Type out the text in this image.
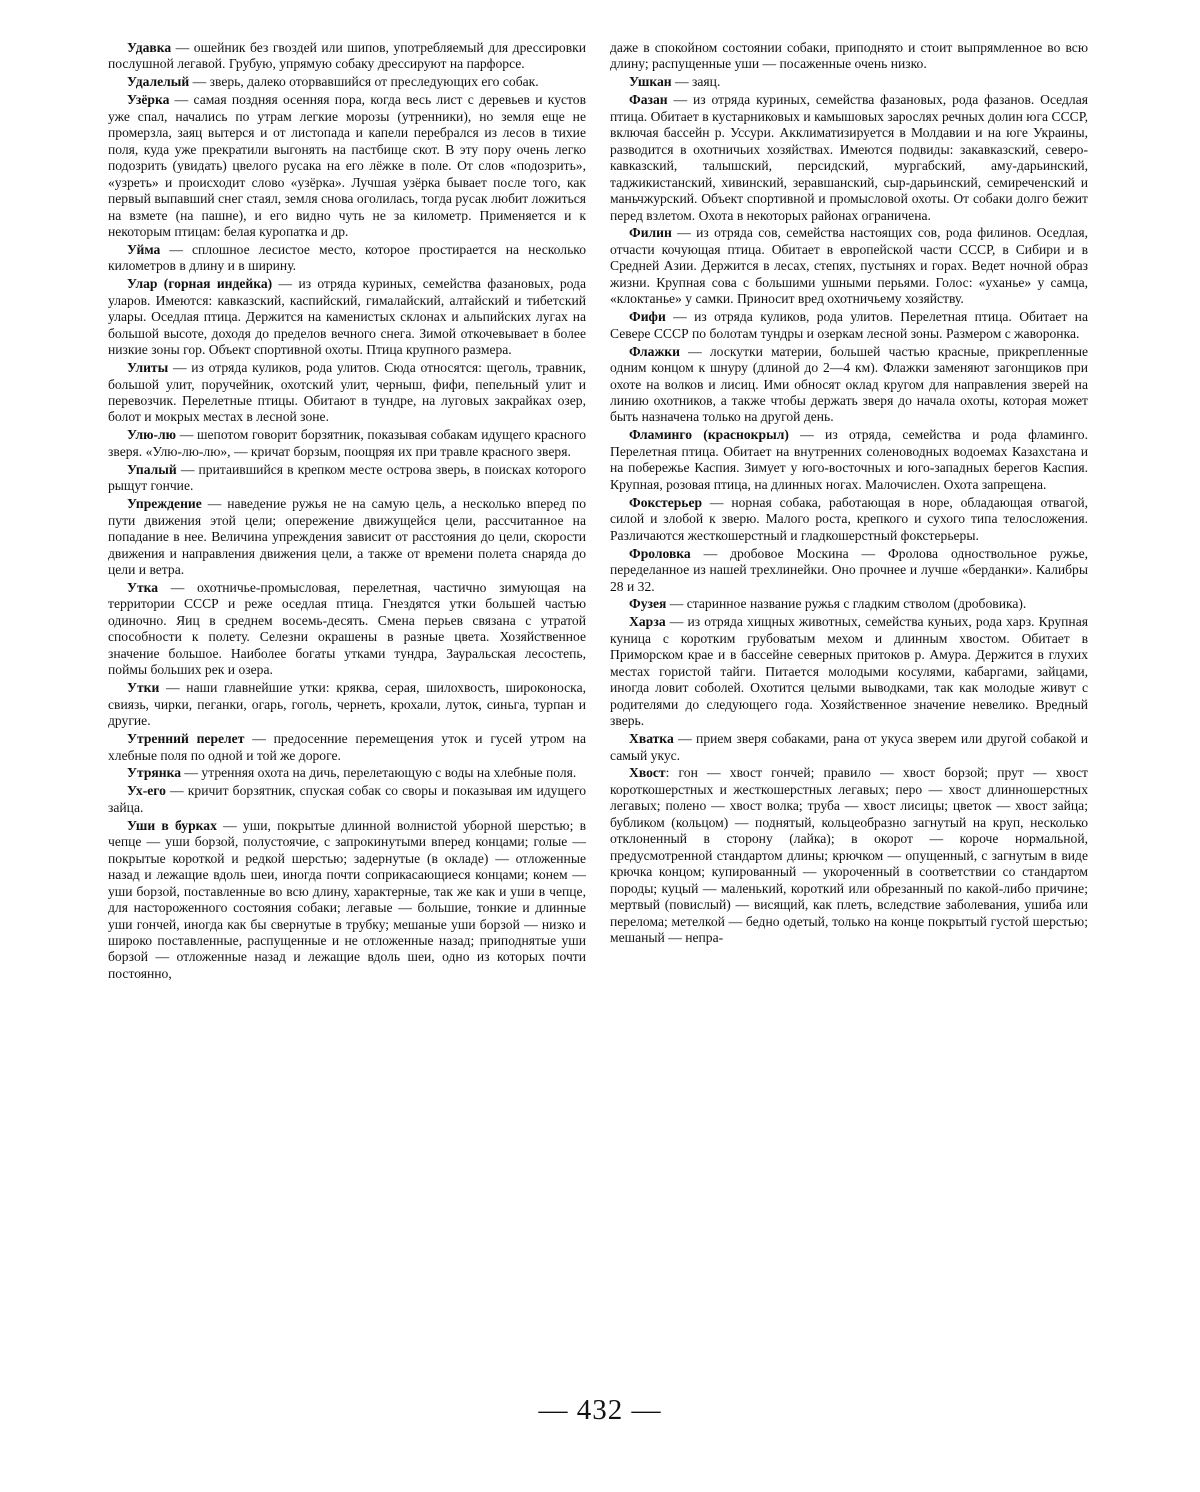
Удавка — ошейник без гвоздей или шипов, употребляемый для дрессировки послушной легавой. Грубую, упрямую собаку дрессируют на парфорсе.

Удалелый — зверь, далеко оторвавшийся от преследующих его собак.

Узёрка — самая поздняя осенняя пора, когда весь лист с деревьев и кустов уже спал, начались по утрам легкие морозы (утренники), но земля еще не промерзла, заяц вытерся и от листопада и капели перебрался из лесов в тихие поля, куда уже прекратили выгонять на пастбище скот. В эту пору очень легко подозрить (увидать) цвелого русака на его лёжке в поле. От слов «подозрить», «узреть» и происходит слово «узёрка». Лучшая узёрка бывает после того, как первый выпавший снег стаял, земля снова оголилась, тогда русак любит ложиться на взмете (на пашне), и его видно чуть не за километр. Применяется и к некоторым птицам: белая куропатка и др.

Уйма — сплошное лесистое место, которое простирается на несколько километров в длину и в ширину.

Улар (горная индейка) — из отряда куриных, семейства фазановых, рода уларов. Имеются: кавказский, каспийский, гималайский, алтайский и тибетский улары. Оседлая птица. Держится на каменистых склонах и альпийских лугах на большой высоте, доходя до пределов вечного снега. Зимой откочевывает в более низкие зоны гор. Объект спортивной охоты. Птица крупного размера.

Улиты — из отряда куликов, рода улитов. Сюда относятся: щеголь, травник, большой улит, поручейник, охотский улит, черныш, фифи, пепельный улит и перевозчик. Перелетные птицы. Обитают в тундре, на луговых закрайках озер, болот и мокрых местах в лесной зоне.

Улю-лю — шепотом говорит борзятник, показывая собакам идущего красного зверя. «Улю-лю-лю», — кричат борзым, поощряя их при травле красного зверя.

Упалый — притаившийся в крепком месте острова зверь, в поисках которого рыщут гончие.

Упреждение — наведение ружья не на самую цель, а несколько вперед по пути движения этой цели; опережение движущейся цели, рассчитанное на попадание в нее. Величина упреждения зависит от расстояния до цели, скорости движения и направления движения цели, а также от времени полета снаряда до цели и ветра.

Утка — охотничье-промысловая, перелетная, частично зимующая на территории СССР и реже оседлая птица. Гнездятся утки большей частью одиночно. Яиц в среднем восемь-десять. Смена перьев связана с утратой способности к полету. Селезни окрашены в разные цвета. Хозяйственное значение большое. Наиболее богаты утками тундра, Зауральская лесостепь, поймы больших рек и озера.

Утки — наши главнейшие утки: кряква, серая, шилохвость, широконоска, свиязь, чирки, пеганки, огарь, гоголь, чернеть, крохали, луток, синьга, турпан и другие.

Утренний перелет — предосенние перемещения уток и гусей утром на хлебные поля по одной и той же дороге.

Утрянка — утренняя охота на дичь, перелетающую с воды на хлебные поля.

Ух-его — кричит борзятник, спуская собак со своры и показывая им идущего зайца.

Уши в бурках — уши, покрытые длинной волнистой уборной шерстью; в чепце — уши борзой, полустоячие, с запрокинутыми вперед концами; голые — покрытые короткой и редкой шерстью; задернутые (в окладе) — отложенные назад и лежащие вдоль шеи, иногда почти соприкасающиеся концами; конем — уши борзой, поставленные во всю длину, характерные, так же как и уши в чепце, для настороженного состояния собаки; легавые — большие, тонкие и длинные уши гончей, иногда как бы свернутые в трубку; мешаные уши борзой — низко и широко поставленные, распущенные и не отложенные назад; приподнятые уши борзой — отложенные назад и лежащие вдоль шеи, одно из которых почти постоянно,

даже в спокойном состоянии собаки, приподнято и стоит выпрямленное во всю длину; распущенные уши — посаженные очень низко.

Ушкан — заяц.

Фазан — из отряда куриных, семейства фазановых, рода фазанов. Оседлая птица. Обитает в кустарниковых и камышовых зарослях речных долин юга СССР, включая бассейн р. Уссури. Акклиматизируется в Молдавии и на юге Украины, разводится в охотничьих хозяйствах. Имеются подвиды: закавказский, северо-кавказский, талышский, персидский, мургабский, аму-дарьинский, таджикистанский, хивинский, зеравшанский, сыр-дарьинский, семиреченский и маньчжурский. Объект спортивной и промысловой охоты. От собаки долго бежит перед взлетом. Охота в некоторых районах ограничена.

Филин — из отряда сов, семейства настоящих сов, рода филинов. Оседлая, отчасти кочующая птица. Обитает в европейской части СССР, в Сибири и в Средней Азии. Держится в лесах, степях, пустынях и горах. Ведет ночной образ жизни. Крупная сова с большими ушными перьями. Голос: «уханье» у самца, «клоктанье» у самки. Приносит вред охотничьему хозяйству.

Фифи — из отряда куликов, рода улитов. Перелетная птица. Обитает на Севере СССР по болотам тундры и озеркам лесной зоны. Размером с жаворонка.

Флажки — лоскутки материи, большей частью красные, прикрепленные одним концом к шнуру (длиной до 2—4 км). Флажки заменяют загонщиков при охоте на волков и лисиц. Ими обносят оклад кругом для направления зверей на линию охотников, а также чтобы держать зверя до начала охоты, которая может быть назначена только на другой день.

Фламинго (краснокрыл) — из отряда, семейства и рода фламинго. Перелетная птица. Обитает на внутренних соленоводных водоемах Казахстана и на побережье Каспия. Зимует у юго-восточных и юго-западных берегов Каспия. Крупная, розовая птица, на длинных ногах. Малочислен. Охота запрещена.

Фокстерьер — норная собака, работающая в норе, обладающая отвагой, силой и злобой к зверю. Малого роста, крепкого и сухого типа телосложения. Различаются жесткошерстный и гладкошерстный фокстерьеры.

Фроловка — дробовое Москина — Фролова одноствольное ружье, переделанное из нашей трехлинейки. Оно прочнее и лучше «берданки». Калибры 28 и 32.

Фузея — старинное название ружья с гладким стволом (дробовика).

Харза — из отряда хищных животных, семейства куньих, рода харз. Крупная куница с коротким грубоватым мехом и длинным хвостом. Обитает в Приморском крае и в бассейне северных притоков р. Амура. Держится в глухих местах гористой тайги. Питается молодыми косулями, кабаргами, зайцами, иногда ловит соболей. Охотится целыми выводками, так как молодые живут с родителями до следующего года. Хозяйственное значение невелико. Вредный зверь.

Хватка — прием зверя собаками, рана от укуса зверем или другой собакой и самый укус.

Хвост: гон — хвост гончей; правило — хвост борзой; прут — хвост короткошерстных и жесткошерстных легавых; перо — хвост длинношерстных легавых; полено — хвост волка; труба — хвост лисицы; цветок — хвост зайца; бубликом (кольцом) — поднятый, кольцеобразно загнутый на круп, несколько отклоненный в сторону (лайка); в окорот — короче нормальной, предусмотренной стандартом длины; крючком — опущенный, с загнутым в виде крючка концом; купированный — укороченный в соответствии со стандартом породы; куцый — маленький, короткий или обрезанный по какой-либо причине; мертвый (повислый) — висящий, как плеть, вследствие заболевания, ушиба или перелома; метелкой — бедно одетый, только на конце покрытый густой шерстью; мешаный — непра-

— 432 —
